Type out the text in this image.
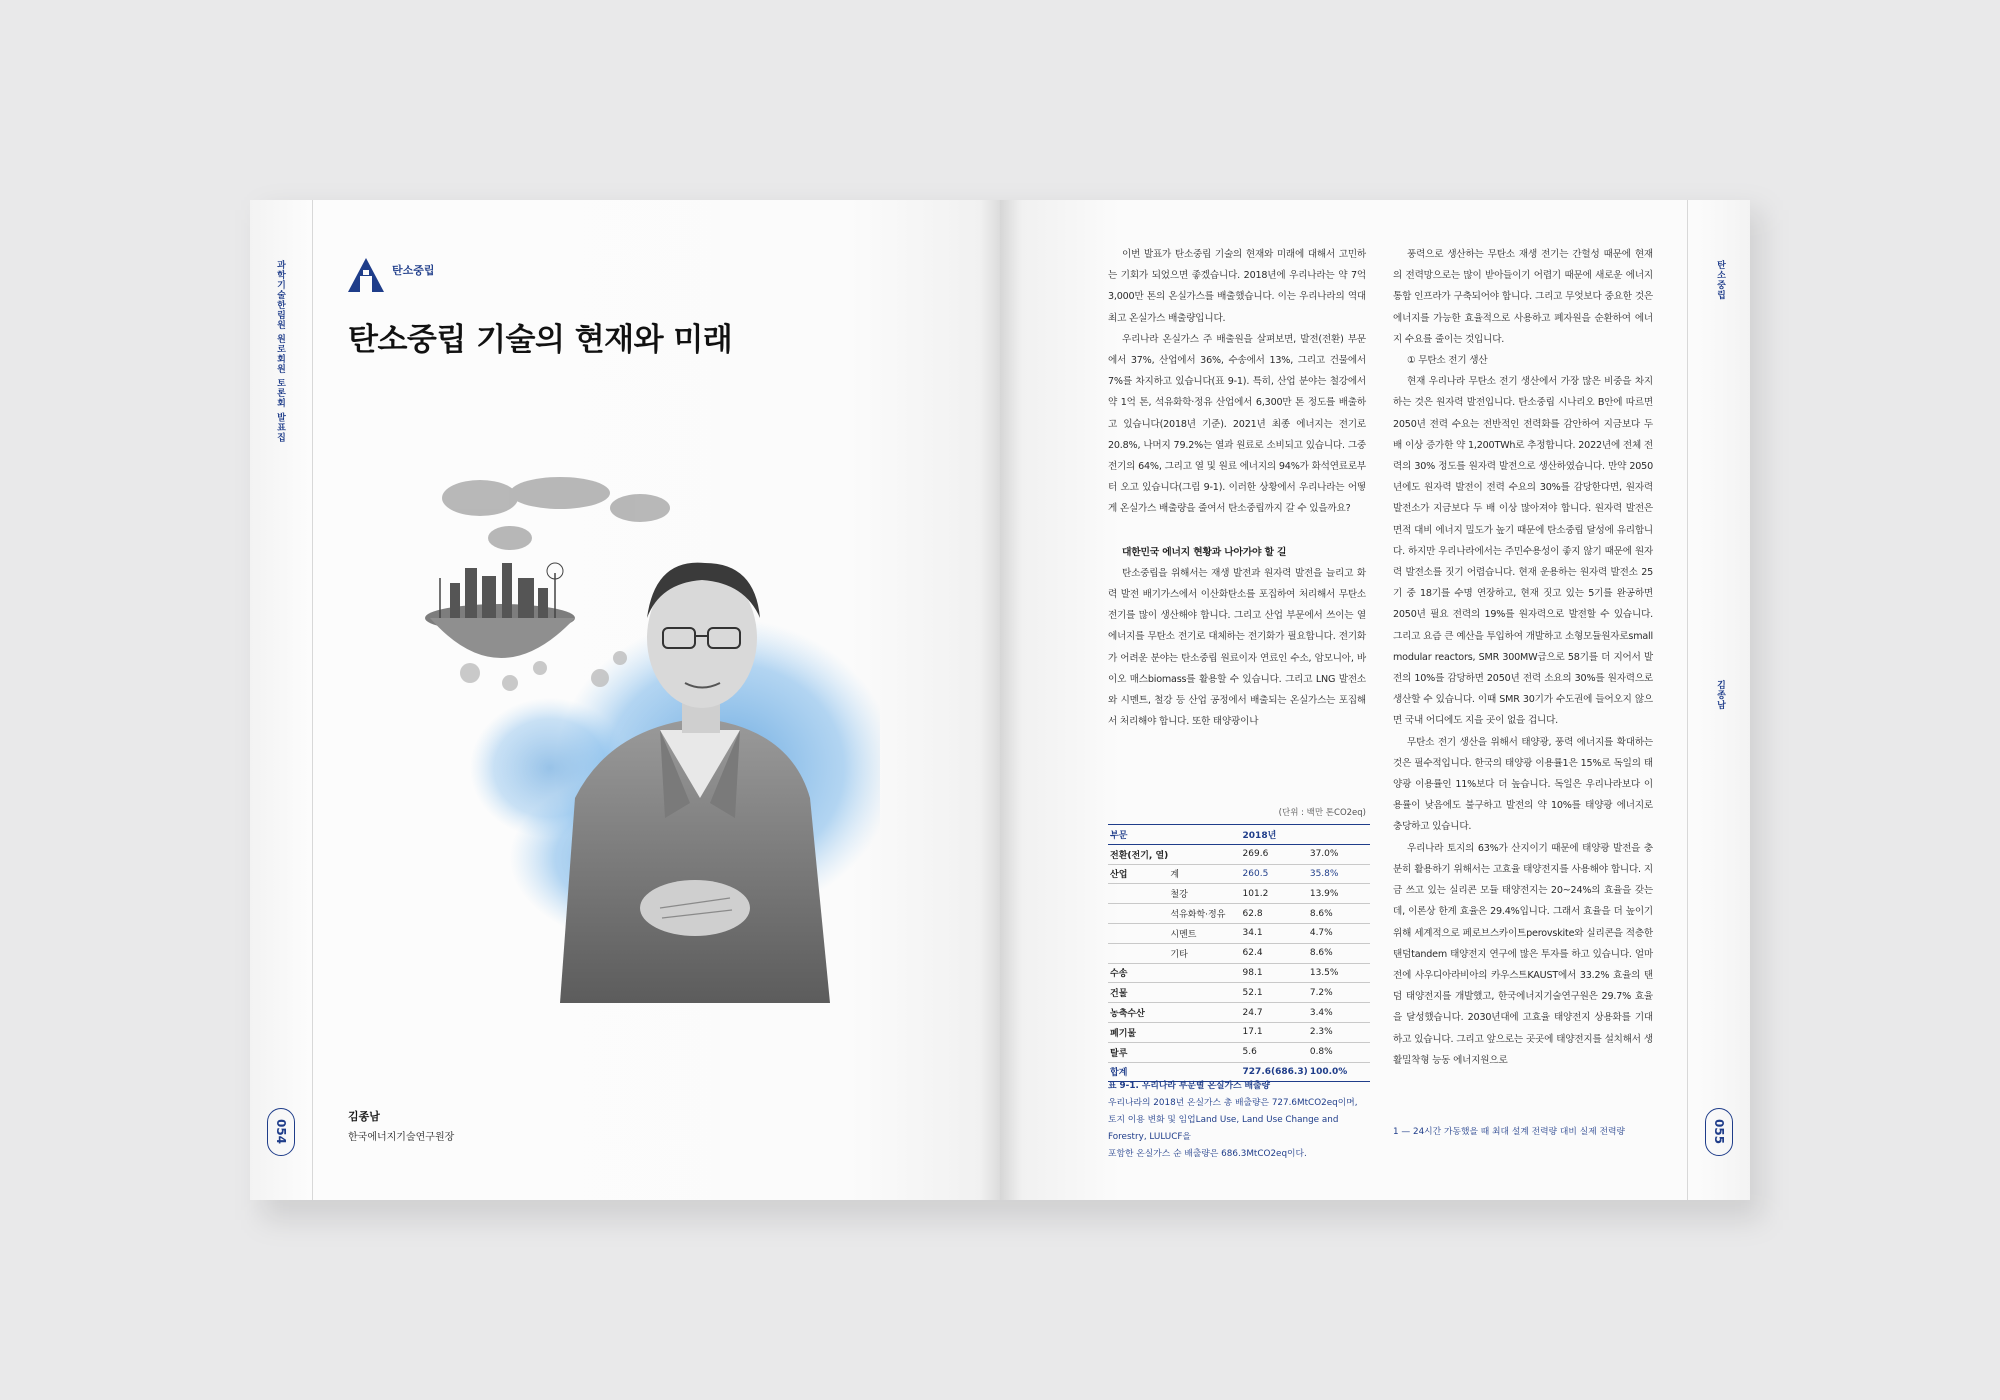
과학기술한림원 원로회원 토론회 발표집
054
탄소중립
탄소중립 기술의 현재와 미래
김종남
한국에너지기술연구원장
탄소중립
김종남
055

이번 발표가 탄소중립 기술의 현재와 미래에 대해서 고민하는 기회가 되었으면 좋겠습니다. 2018년에 우리나라는 약 7억 3,000만 톤의 온실가스를 배출했습니다. 이는 우리나라의 역대 최고 온실가스 배출량입니다.

우리나라 온실가스 주 배출원을 살펴보면, 발전(전환) 부문에서 37%, 산업에서 36%, 수송에서 13%, 그리고 건물에서 7%를 차지하고 있습니다(표 9-1). 특히, 산업 분야는 철강에서 약 1억 톤, 석유화학·정유 산업에서 6,300만 톤 정도를 배출하고 있습니다(2018년 기준). 2021년 최종 에너지는 전기로 20.8%, 나머지 79.2%는 열과 원료로 소비되고 있습니다. 그중 전기의 64%, 그리고 열 및 원료 에너지의 94%가 화석연료로부터 오고 있습니다(그림 9-1). 이러한 상황에서 우리나라는 어떻게 온실가스 배출량을 줄여서 탄소중립까지 갈 수 있을까요?

대한민국 에너지 현황과 나아가야 할 길

탄소중립을 위해서는 재생 발전과 원자력 발전을 늘리고 화력 발전 배기가스에서 이산화탄소를 포집하여 처리해서 무탄소 전기를 많이 생산해야 합니다. 그리고 산업 부문에서 쓰이는 열 에너지를 무탄소 전기로 대체하는 전기화가 필요합니다. 전기화가 어려운 분야는 탄소중립 원료이자 연료인 수소, 암모니아, 바이오 매스biomass를 활용할 수 있습니다. 그리고 LNG 발전소와 시멘트, 철강 등 산업 공정에서 배출되는 온실가스는 포집해서 처리해야 합니다. 또한 태양광이나

(단위 : 백만 톤CO2eq)
부문		2018년	
전환(전기, 열)		269.6	37.0%
산업	계	260.5	35.8%
	철강	101.2	13.9%
	석유화학·정유	62.8	8.6%
	시멘트	34.1	4.7%
	기타	62.4	8.6%
수송		98.1	13.5%
건물		52.1	7.2%
농축수산		24.7	3.4%
폐기물		17.1	2.3%
탈루		5.6	0.8%
합계		727.6(686.3)	100.0%
표 9-1. 우리나라 부문별 온실가스 배출량
우리나라의 2018년 온실가스 총 배출량은 727.6MtCO2eq이며,
토지 이용 변화 및 임업Land Use, Land Use Change and Forestry, LULUCF을
포함한 온실가스 순 배출량은 686.3MtCO2eq이다.

풍력으로 생산하는 무탄소 재생 전기는 간헐성 때문에 현재의 전력망으로는 많이 받아들이기 어렵기 때문에 새로운 에너지 통합 인프라가 구축되어야 합니다. 그리고 무엇보다 중요한 것은 에너지를 가능한 효율적으로 사용하고 폐자원을 순환하여 에너지 수요를 줄이는 것입니다.

① 무탄소 전기 생산

현재 우리나라 무탄소 전기 생산에서 가장 많은 비중을 차지하는 것은 원자력 발전입니다. 탄소중립 시나리오 B안에 따르면 2050년 전력 수요는 전반적인 전력화를 감안하여 지금보다 두 배 이상 증가한 약 1,200TWh로 추정합니다. 2022년에 전체 전력의 30% 정도를 원자력 발전으로 생산하였습니다. 만약 2050년에도 원자력 발전이 전력 수요의 30%를 감당한다면, 원자력 발전소가 지금보다 두 배 이상 많아져야 합니다. 원자력 발전은 면적 대비 에너지 밀도가 높기 때문에 탄소중립 달성에 유리합니다. 하지만 우리나라에서는 주민수용성이 좋지 않기 때문에 원자력 발전소를 짓기 어렵습니다. 현재 운용하는 원자력 발전소 25기 중 18기를 수명 연장하고, 현재 짓고 있는 5기를 완공하면 2050년 필요 전력의 19%를 원자력으로 발전할 수 있습니다. 그리고 요즘 큰 예산을 투입하여 개발하고 소형모듈원자로small modular reactors, SMR 300MW급으로 58기를 더 지어서 발전의 10%를 감당하면 2050년 전력 소요의 30%를 원자력으로 생산할 수 있습니다. 이때 SMR 30기가 수도권에 들어오지 않으면 국내 어디에도 지을 곳이 없을 겁니다.

무탄소 전기 생산을 위해서 태양광, 풍력 에너지를 확대하는 것은 필수적입니다. 한국의 태양광 이용률1은 15%로 독일의 태양광 이용률인 11%보다 더 높습니다. 독일은 우리나라보다 이용률이 낮음에도 불구하고 발전의 약 10%를 태양광 에너지로 충당하고 있습니다.

우리나라 토지의 63%가 산지이기 때문에 태양광 발전을 충분히 활용하기 위해서는 고효율 태양전지를 사용해야 합니다. 지금 쓰고 있는 실리콘 모듈 태양전지는 20~24%의 효율을 갖는데, 이론상 한계 효율은 29.4%입니다. 그래서 효율을 더 높이기 위해 세계적으로 페로브스카이트perovskite와 실리콘을 적층한 탠덤tandem 태양전지 연구에 많은 투자를 하고 있습니다. 얼마 전에 사우디아라비아의 카우스트KAUST에서 33.2% 효율의 탠덤 태양전지를 개발했고, 한국에너지기술연구원은 29.7% 효율을 달성했습니다. 2030년대에 고효율 태양전지 상용화를 기대하고 있습니다. 그리고 앞으로는 곳곳에 태양전지를 설치해서 생활밀착형 능동 에너지원으로

1 — 24시간 가동했을 때 최대 설계 전력량 대비 실제 전력량
